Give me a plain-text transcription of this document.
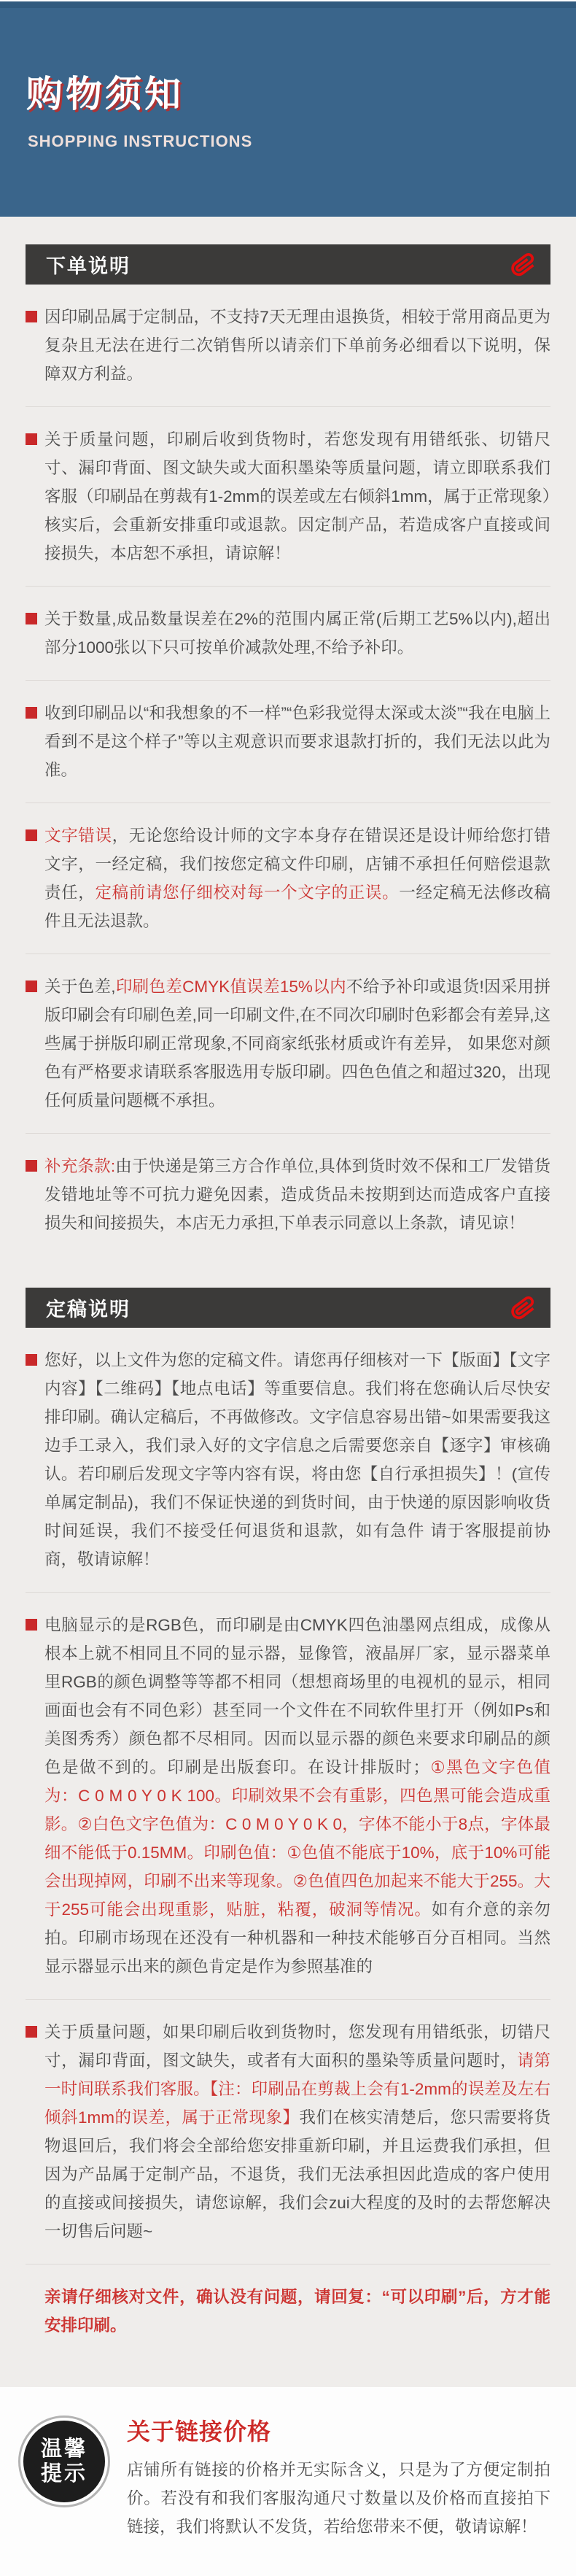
购物须知
SHOPPING INSTRUCTIONS
下单说明
因印刷品属于定制品，不支持7天无理由退换货，相较于常用商品更为复杂且无法在进行二次销售所以请亲们下单前务必细看以下说明，保障双方利益。
关于质量问题，印刷后收到货物时，若您发现有用错纸张、切错尺寸、漏印背面、图文缺失或大面积墨染等质量问题，请立即联系我们客服（印刷品在剪裁有1-2mm的误差或左右倾斜1mm，属于正常现象）核实后，会重新安排重印或退款。因定制产品，若造成客户直接或间接损失，本店恕不承担，请谅解！
关于数量,成品数量误差在2%的范围内属正常(后期工艺5%以内),超出部分1000张以下只可按单价减款处理,不给予补印。
收到印刷品以“和我想象的不一样”“色彩我觉得太深或太淡”“我在电脑上看到不是这个样子”等以主观意识而要求退款打折的，我们无法以此为准。
文字错误，无论您给设计师的文字本身存在错误还是设计师给您打错文字，一经定稿，我们按您定稿文件印刷，店铺不承担任何赔偿退款责任，定稿前请您仔细校对每一个文字的正误。一经定稿无法修改稿件且无法退款。
关于色差,印刷色差CMYK值误差15%以内不给予补印或退货!因采用拼版印刷会有印刷色差,同一印刷文件,在不同次印刷时色彩都会有差异,这些属于拼版印刷正常现象,不同商家纸张材质或许有差异， 如果您对颜色有严格要求请联系客服选用专版印刷。四色色值之和超过320，出现任何质量问题概不承担。
补充条款:由于快递是第三方合作单位,具体到货时效不保和工厂发错货发错地址等不可抗力避免因素，造成货品未按期到达而造成客户直接损失和间接损失，本店无力承担,下单表示同意以上条款，请见谅！
定稿说明
您好，以上文件为您的定稿文件。请您再仔细核对一下【版面】【文字内容】【二维码】【地点电话】等重要信息。我们将在您确认后尽快安排印刷。确认定稿后，不再做修改。文字信息容易出错~如果需要我这边手工录入，我们录入好的文字信息之后需要您亲自【逐字】审核确认。若印刷后发现文字等内容有误，将由您【自行承担损失】！(宣传单属定制品)，我们不保证快递的到货时间，由于快递的原因影响收货时间延误，我们不接受任何退货和退款，如有急件 请于客服提前协商，敬请谅解！
电脑显示的是RGB色，而印刷是由CMYK四色油墨网点组成，成像从根本上就不相同且不同的显示器，显像管，液晶屏厂家，显示器菜单里RGB的颜色调整等等都不相同（想想商场里的电视机的显示，相同画面也会有不同色彩）甚至同一个文件在不同软件里打开（例如Ps和美图秀秀）颜色都不尽相同。因而以显示器的颜色来要求印刷品的颜色是做不到的。印刷是出版套印。在设计排版时；①黑色文字色值为：C 0 M 0 Y 0 K 100。印刷效果不会有重影，四色黑可能会造成重影。②白色文字色值为：C 0 M 0 Y 0 K 0，字体不能小于8点，字体最细不能低于0.15MM。印刷色值：①色值不能底于10%，底于10%可能会出现掉网，印刷不出来等现象。②色值四色加起来不能大于255。大于255可能会出现重影，贴脏，粘覆，破洞等情况。如有介意的亲勿拍。印刷市场现在还没有一种机器和一种技术能够百分百相同。当然显示器显示出来的颜色肯定是作为参照基准的
关于质量问题，如果印刷后收到货物时，您发现有用错纸张，切错尺寸，漏印背面，图文缺失，或者有大面积的墨染等质量问题时，请第一时间联系我们客服。【注：印刷品在剪裁上会有1-2mm的误差及左右倾斜1mm的误差，属于正常现象】我们在核实清楚后，您只需要将货物退回后，我们将会全部给您安排重新印刷，并且运费我们承担，但因为产品属于定制产品，不退货，我们无法承担因此造成的客户使用的直接或间接损失，请您谅解，我们会zui大程度的及时的去帮您解决一切售后问题~
亲请仔细核对文件，确认没有问题，请回复：“可以印刷”后，方才能安排印刷。
温馨
提示
关于链接价格
店铺所有链接的价格并无实际含义，只是为了方便定制拍价。若没有和我们客服沟通尺寸数量以及价格而直接拍下链接，我们将默认不发货，若给您带来不便，敬请谅解！
